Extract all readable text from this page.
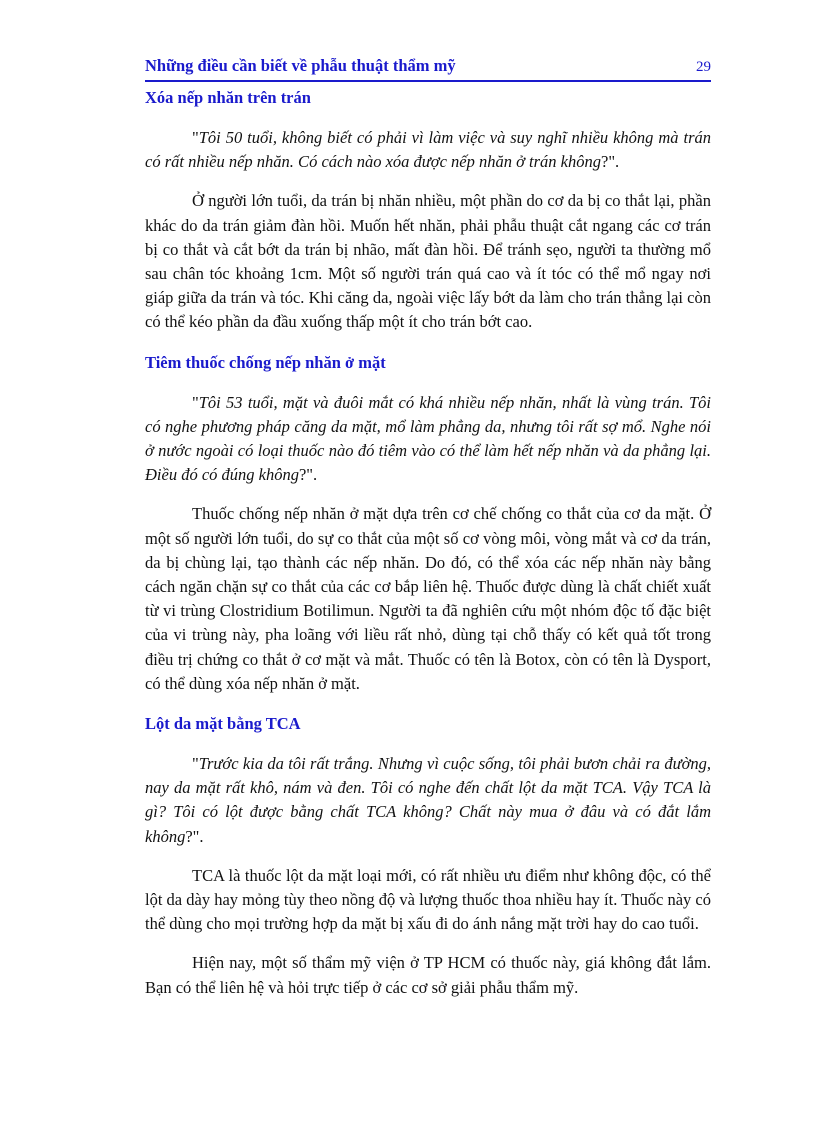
Những điều cần biết về phẫu thuật thẩm mỹ	29
Xóa nếp nhăn trên trán

"Tôi 50 tuổi, không biết có phải vì làm việc và suy nghĩ nhiều không mà trán có rất nhiều nếp nhăn. Có cách nào xóa được nếp nhăn ở trán không?".

Ở người lớn tuổi, da trán bị nhăn nhiều, một phần do cơ da bị co thắt lại, phần khác do da trán giảm đàn hồi. Muốn hết nhăn, phải phẫu thuật cắt ngang các cơ trán bị co thắt và cắt bớt da trán bị nhão, mất đàn hồi. Để tránh sẹo, người ta thường mổ sau chân tóc khoảng 1cm. Một số người trán quá cao và ít tóc có thể mổ ngay nơi giáp giữa da trán và tóc. Khi căng da, ngoài việc lấy bớt da làm cho trán thẳng lại còn có thể kéo phần da đầu xuống thấp một ít cho trán bớt cao.

Tiêm thuốc chống nếp nhăn ở mặt

"Tôi 53 tuổi, mặt và đuôi mắt có khá nhiều nếp nhăn, nhất là vùng trán. Tôi có nghe phương pháp căng da mặt, mổ làm phẳng da, nhưng tôi rất sợ mổ. Nghe nói ở nước ngoài có loại thuốc nào đó tiêm vào có thể làm hết nếp nhăn và da phẳng lại. Điều đó có đúng không?".

Thuốc chống nếp nhăn ở mặt dựa trên cơ chế chống co thắt của cơ da mặt. Ở một số người lớn tuổi, do sự co thắt của một số cơ vòng môi, vòng mắt và cơ da trán, da bị chùng lại, tạo thành các nếp nhăn. Do đó, có thể xóa các nếp nhăn này bằng cách ngăn chặn sự co thắt của các cơ bắp liên hệ. Thuốc được dùng là chất chiết xuất từ vi trùng Clostridium Botilimun. Người ta đã nghiên cứu một nhóm độc tố đặc biệt của vi trùng này, pha loãng với liều rất nhỏ, dùng tại chỗ thấy có kết quả tốt trong điều trị chứng co thắt ở cơ mặt và mắt. Thuốc có tên là Botox, còn có tên là Dysport, có thể dùng xóa nếp nhăn ở mặt.

Lột da mặt bằng TCA

"Trước kia da tôi rất trắng. Nhưng vì cuộc sống, tôi phải bươn chải ra đường, nay da mặt rất khô, nám và đen. Tôi có nghe đến chất lột da mặt TCA. Vậy TCA là gì? Tôi có lột được bằng chất TCA không? Chất này mua ở đâu và có đắt lắm không?".

TCA là thuốc lột da mặt loại mới, có rất nhiều ưu điểm như không độc, có thể lột da dày hay mỏng tùy theo nồng độ và lượng thuốc thoa nhiều hay ít. Thuốc này có thể dùng cho mọi trường hợp da mặt bị xấu đi do ánh nắng mặt trời hay do cao tuổi.

Hiện nay, một số thẩm mỹ viện ở TP HCM có thuốc này, giá không đắt lắm. Bạn có thể liên hệ và hỏi trực tiếp ở các cơ sở giải phẫu thẩm mỹ.
